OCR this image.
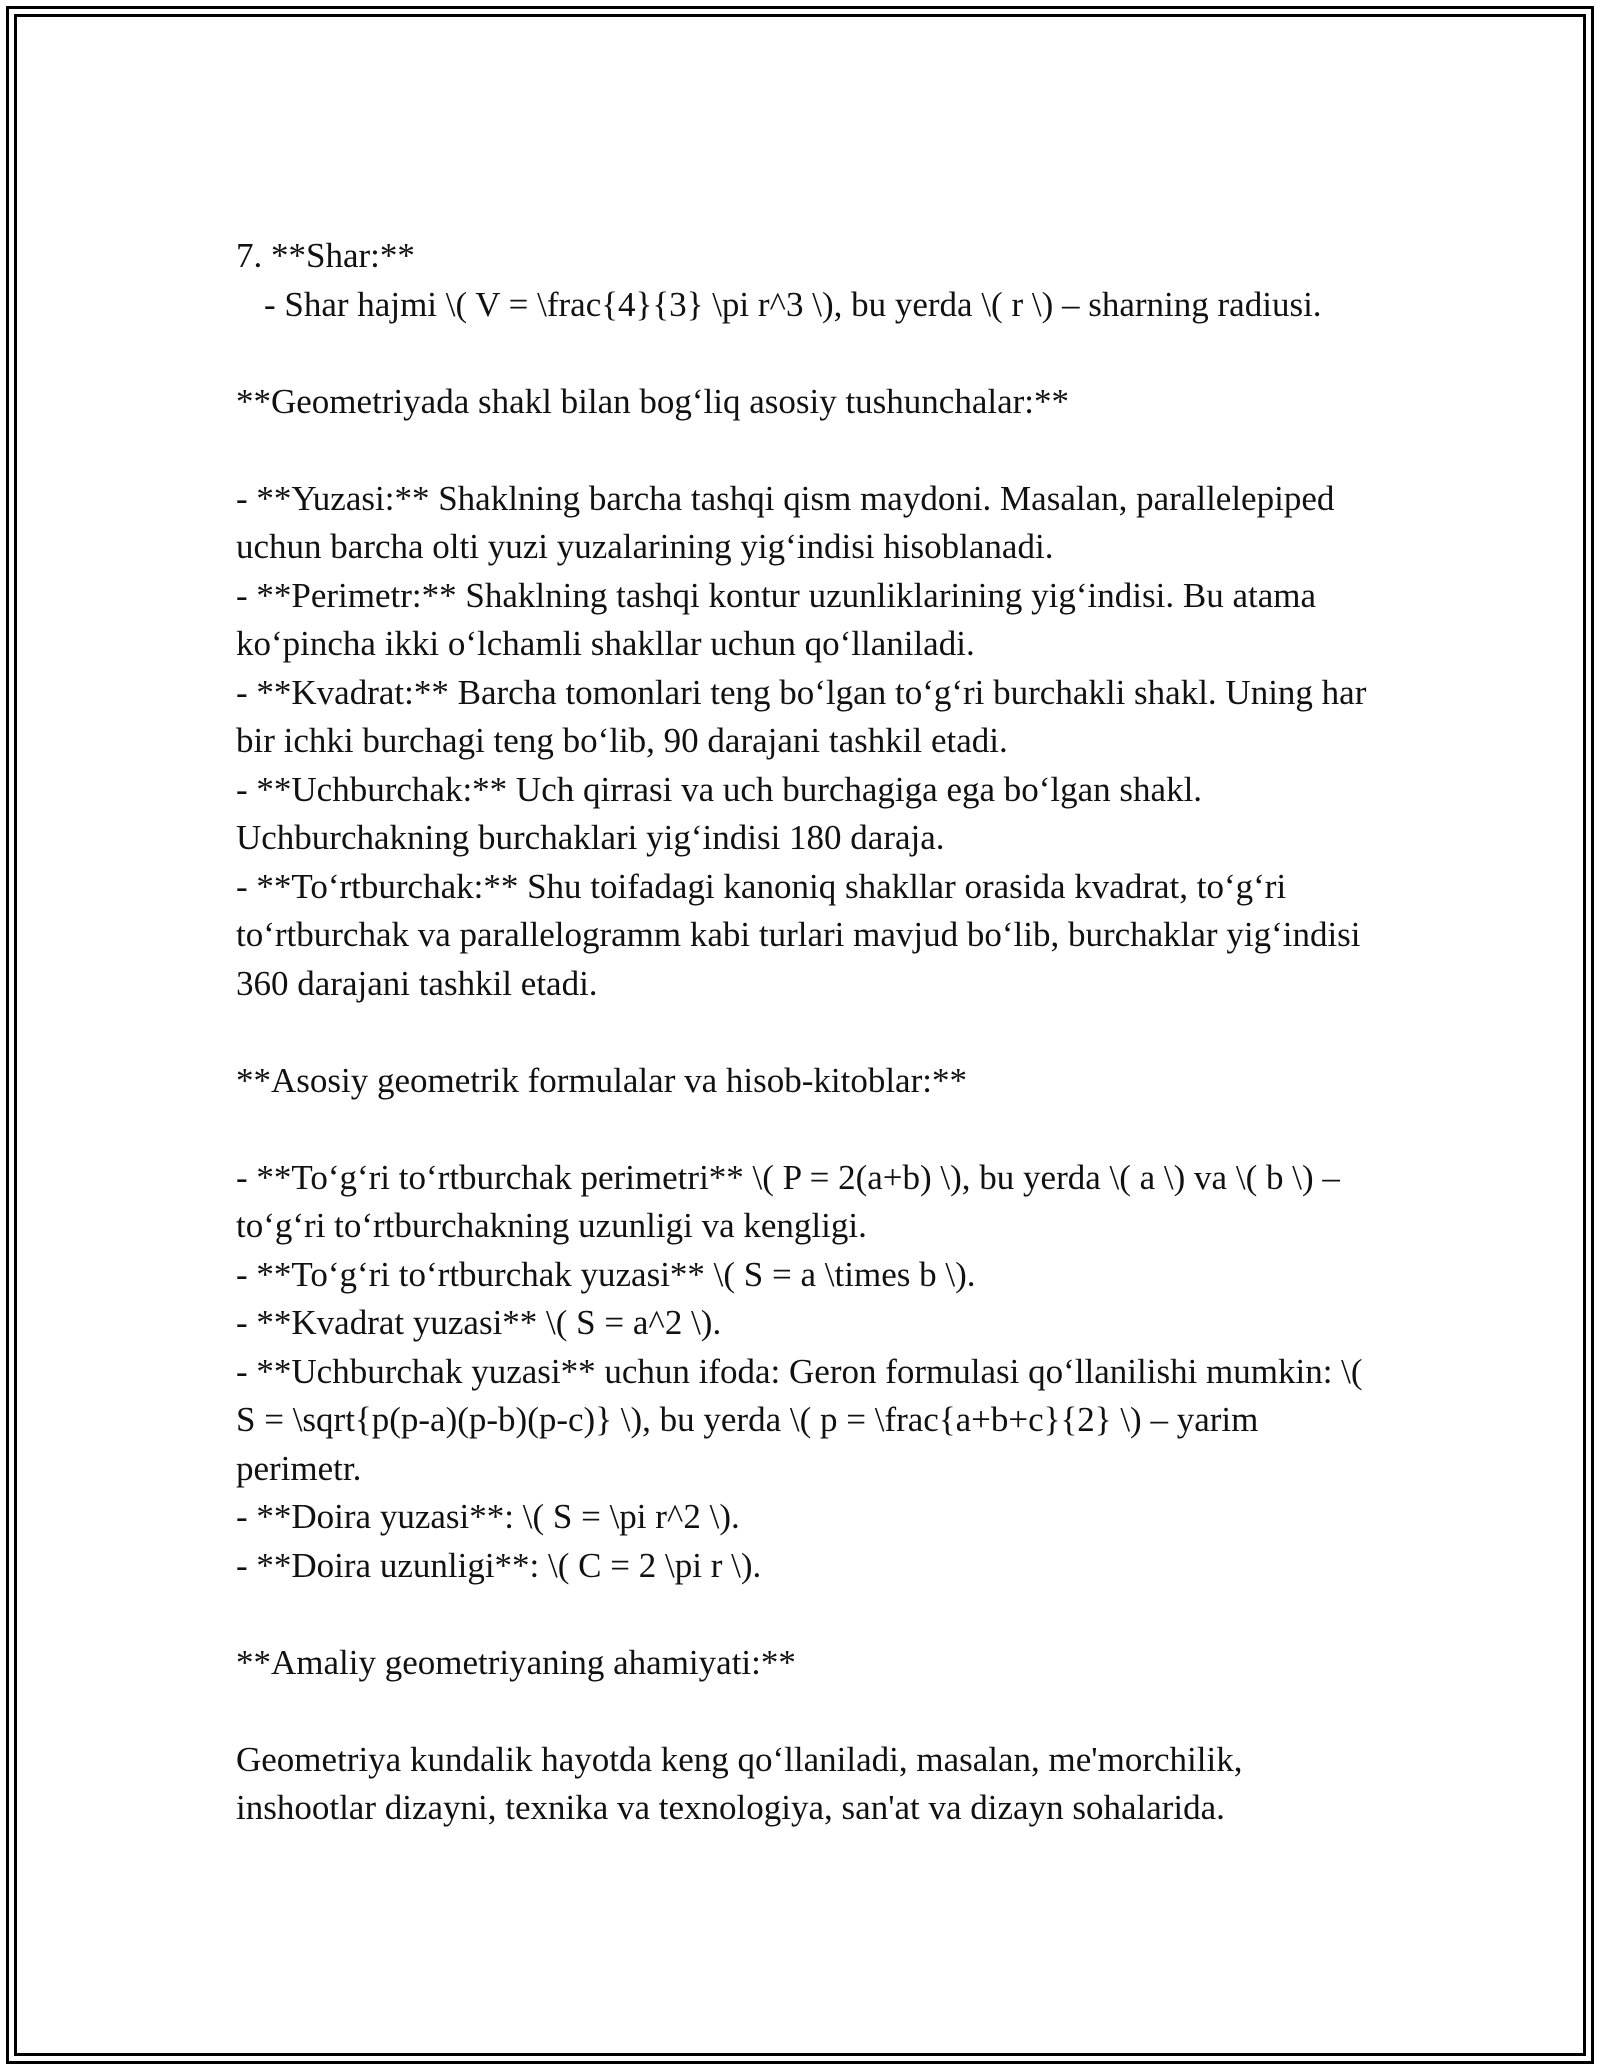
7. **Shar:**

- Shar hajmi \( V = \frac{4}{3} \pi r^3 \), bu yerda \( r \) – sharning radiusi.

**Geometriyada shakl bilan bog‘liq asosiy tushunchalar:**

- **Yuzasi:** Shaklning barcha tashqi qism maydoni. Masalan, parallelepiped uchun barcha olti yuzi yuzalarining yig‘indisi hisoblanadi.

- **Perimetr:** Shaklning tashqi kontur uzunliklarining yig‘indisi. Bu atama ko‘pincha ikki o‘lchamli shakllar uchun qo‘llaniladi.

- **Kvadrat:** Barcha tomonlari teng bo‘lgan to‘g‘ri burchakli shakl. Uning har bir ichki burchagi teng bo‘lib, 90 darajani tashkil etadi.

- **Uchburchak:** Uch qirrasi va uch burchagiga ega bo‘lgan shakl. Uchburchakning burchaklari yig‘indisi 180 daraja.

- **To‘rtburchak:** Shu toifadagi kanoniq shakllar orasida kvadrat, to‘g‘ri to‘rtburchak va parallelogramm kabi turlari mavjud bo‘lib, burchaklar yig‘indisi 360 darajani tashkil etadi.

**Asosiy geometrik formulalar va hisob-kitoblar:**

- **To‘g‘ri to‘rtburchak perimetri** \( P = 2(a+b) \), bu yerda \( a \) va \( b \) – to‘g‘ri to‘rtburchakning uzunligi va kengligi.

- **To‘g‘ri to‘rtburchak yuzasi** \( S = a \times b \).

- **Kvadrat yuzasi** \( S = a^2 \).

- **Uchburchak yuzasi** uchun ifoda: Geron formulasi qo‘llanilishi mumkin: \( S = \sqrt{p(p-a)(p-b)(p-c)} \), bu yerda \( p = \frac{a+b+c}{2} \) – yarim perimetr.

- **Doira yuzasi**: \( S = \pi r^2 \).

- **Doira uzunligi**: \( C = 2 \pi r \).

**Amaliy geometriyaning ahamiyati:**

Geometriya kundalik hayotda keng qo‘llaniladi, masalan, me'morchilik, inshootlar dizayni, texnika va texnologiya, san'at va dizayn sohalarida.
